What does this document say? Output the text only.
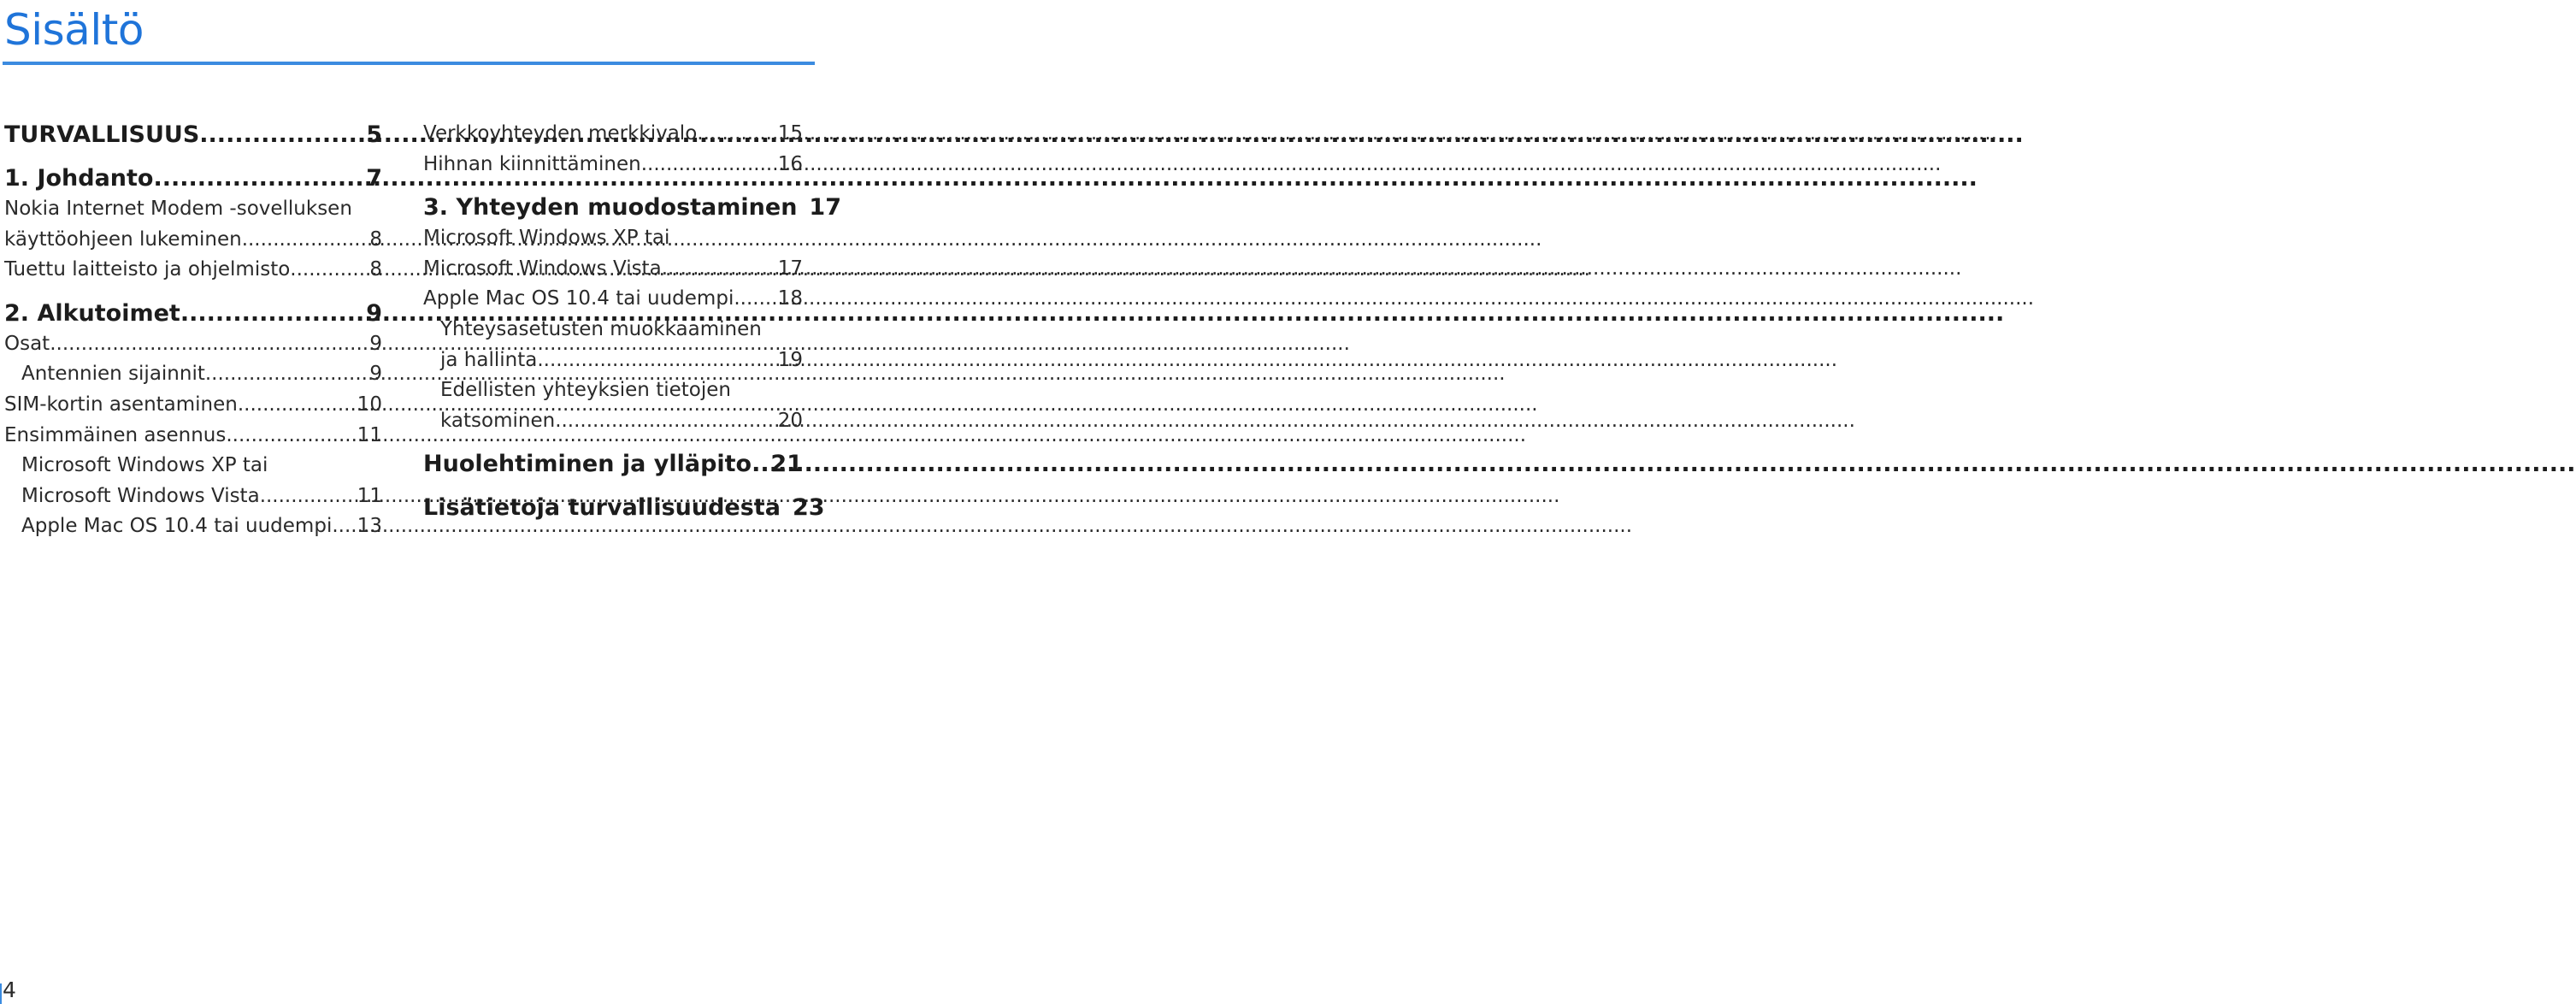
Sisältö
TURVALLISUUS .....	5
1. Johdanto .....	7
Nokia Internet Modem -sovelluksen
käyttöohjeen lukeminen .....	8
Tuettu laitteisto ja ohjelmisto .....	8
2. Alkutoimet .....	9
Osat .....	9
Antennien sijainnit .....	9
SIM-kortin asentaminen .....	10
Ensimmäinen asennus .....	11
Microsoft Windows XP tai
Microsoft Windows Vista .....	11
Apple Mac OS 10.4 tai uudempi .....	13
Verkkoyhteyden merkkivalo .....	15
Hihnan kiinnittäminen .....	16
3. Yhteyden muodostaminen 17
Microsoft Windows XP tai
Microsoft Windows Vista .....	17
Apple Mac OS 10.4 tai uudempi .....	18
Yhteysasetusten muokkaaminen
ja hallinta .....	19
Edellisten yhteyksien tietojen
katsominen .....	20
Huolehtiminen ja ylläpito ..... 21
Lisätietoja turvallisuudesta 23
4
